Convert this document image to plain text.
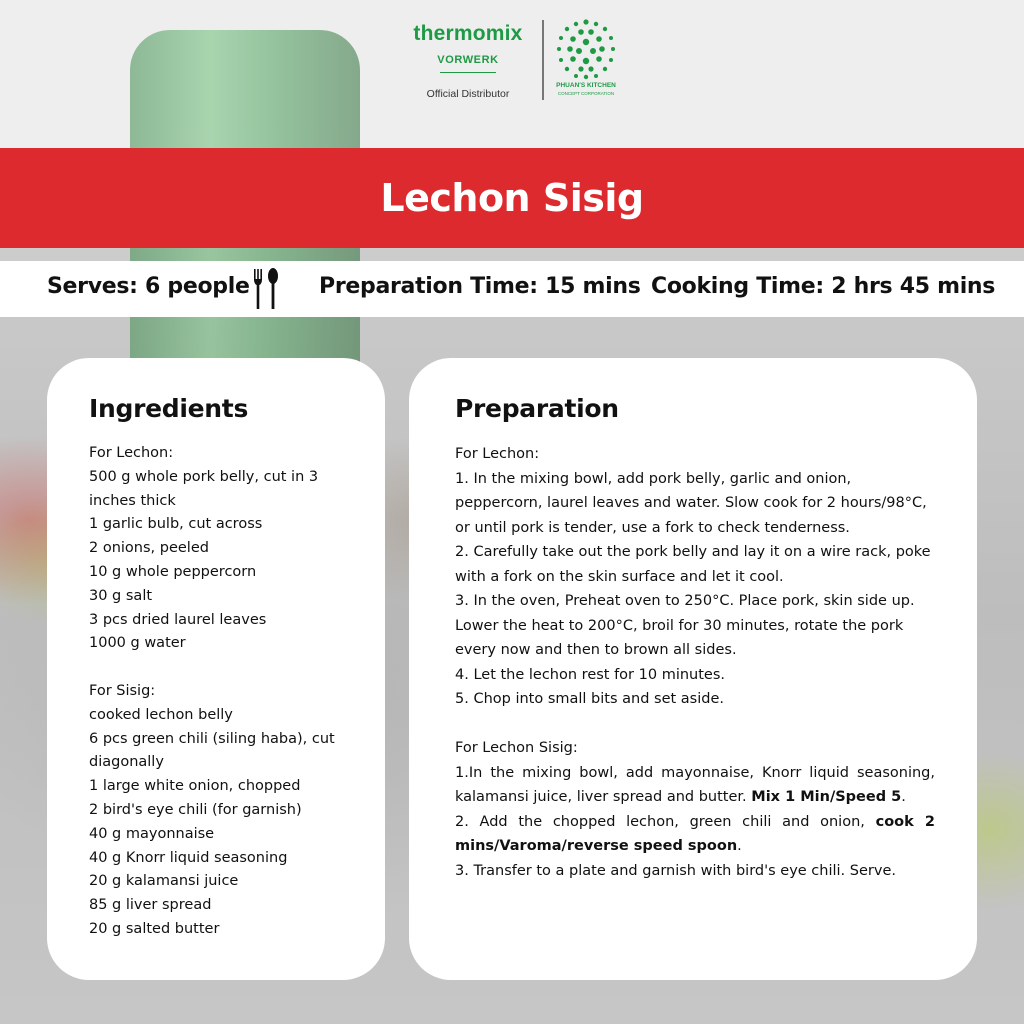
thermomix
VORWERK
Official Distributor
PHUAN'S KITCHEN
CONCEPT CORPORATION
Lechon Sisig
Serves: 6 people	Preparation Time: 15 mins Cooking Time: 2 hrs 45 mins
Ingredients
For Lechon:
500 g whole pork belly, cut in 3 inches thick
1 garlic bulb, cut across
2 onions, peeled
10 g whole peppercorn
30 g salt
3 pcs dried laurel leaves
1000 g water
For Sisig:
cooked lechon belly
6 pcs green chili (siling haba), cut diagonally
1 large white onion, chopped
2 bird's eye chili (for garnish)
40 g mayonnaise
40 g Knorr liquid seasoning
20 g kalamansi juice
85 g liver spread
20 g salted butter
Preparation
For Lechon:
1. In the mixing bowl, add pork belly, garlic and onion, peppercorn, laurel leaves and water. Slow cook for 2 hours/98°C, or until pork is tender, use a fork to check tenderness.
2. Carefully take out the pork belly and lay it on a wire rack, poke with a fork on the skin surface and let it cool.
3. In the oven, Preheat oven to 250°C. Place pork, skin side up. Lower the heat to 200°C, broil for 30 minutes, rotate the pork every now and then to brown all sides.
4. Let the lechon rest for 10 minutes.
5. Chop into small bits and set aside.
For Lechon Sisig:
1.In the mixing bowl, add mayonnaise, Knorr liquid seasoning, kalamansi juice, liver spread and butter. Mix 1 Min/Speed 5.
2. Add the chopped lechon, green chili and onion, cook 2 mins/Varoma/reverse speed spoon.
3. Transfer to a plate and garnish with bird's eye chili. Serve.
